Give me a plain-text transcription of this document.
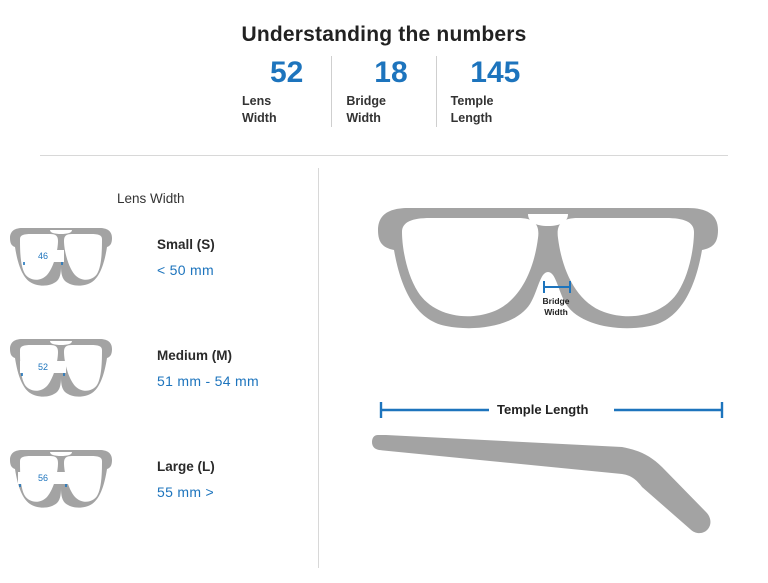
Understanding the numbers
52
Lens
Width
18
Bridge
Width
145
Temple
Length
Lens Width
46
Small (S)
< 50 mm
52
Medium (M)
51 mm - 54 mm
56
Large (L)
55 mm >
Bridge
Width
Temple Length
